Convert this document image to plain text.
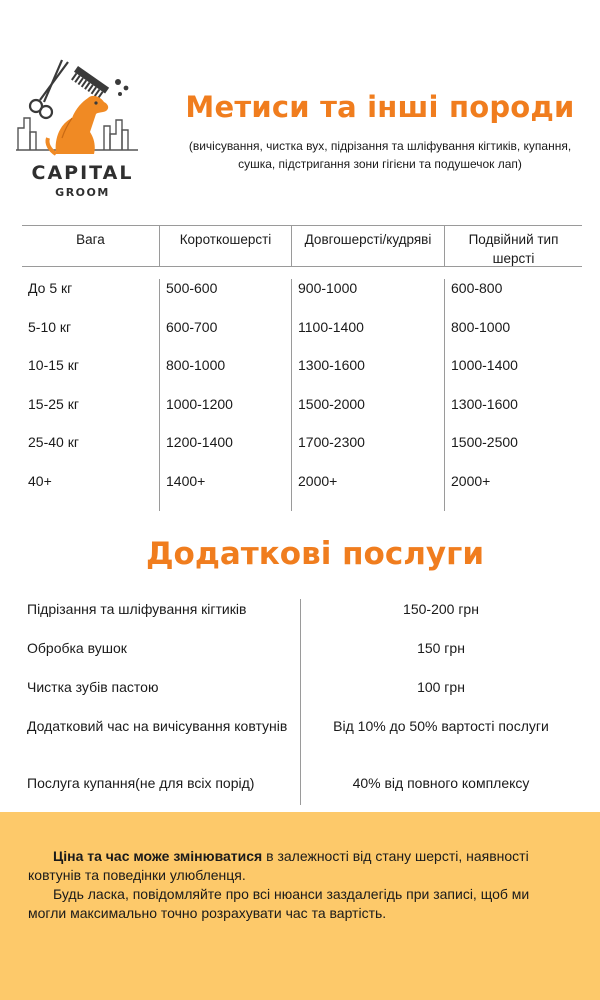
CAPITAL
GROOM
Метиси та інші породи
(вичісування, чистка вух, підрізання та шліфування кігтиків, купання,
сушка, підстригання зони гігієни та подушечок лап)
Вага	Короткошерсті	Довгошерсті/кудряві	Подвійний тип шерсті
До 5 кг	500-600	900-1000	600-800
5-10 кг	600-700	1100-1400	800-1000
10-15 кг	800-1000	1300-1600	1000-1400
15-25 кг	1000-1200	1500-2000	1300-1600
25-40 кг	1200-1400	1700-2300	1500-2500
40+	1400+	2000+	2000+
Додаткові послуги
Підрізання та шліфування кігтиків	150-200 грн
Обробка вушок	150 грн
Чистка зубів пастою	100 грн
Додатковий час на вичісування ковтунів	Від 10% до 50% вартості послуги
Послуга купання(не для всіх порід)	40% від повного комплексу

Ціна та час може змінюватися в залежності від стану шерсті, наявності ковтунів та поведінки улюбленця.

Будь ласка, повідомляйте про всі нюанси заздалегідь при записі, щоб ми могли максимально точно розрахувати час та вартість.
